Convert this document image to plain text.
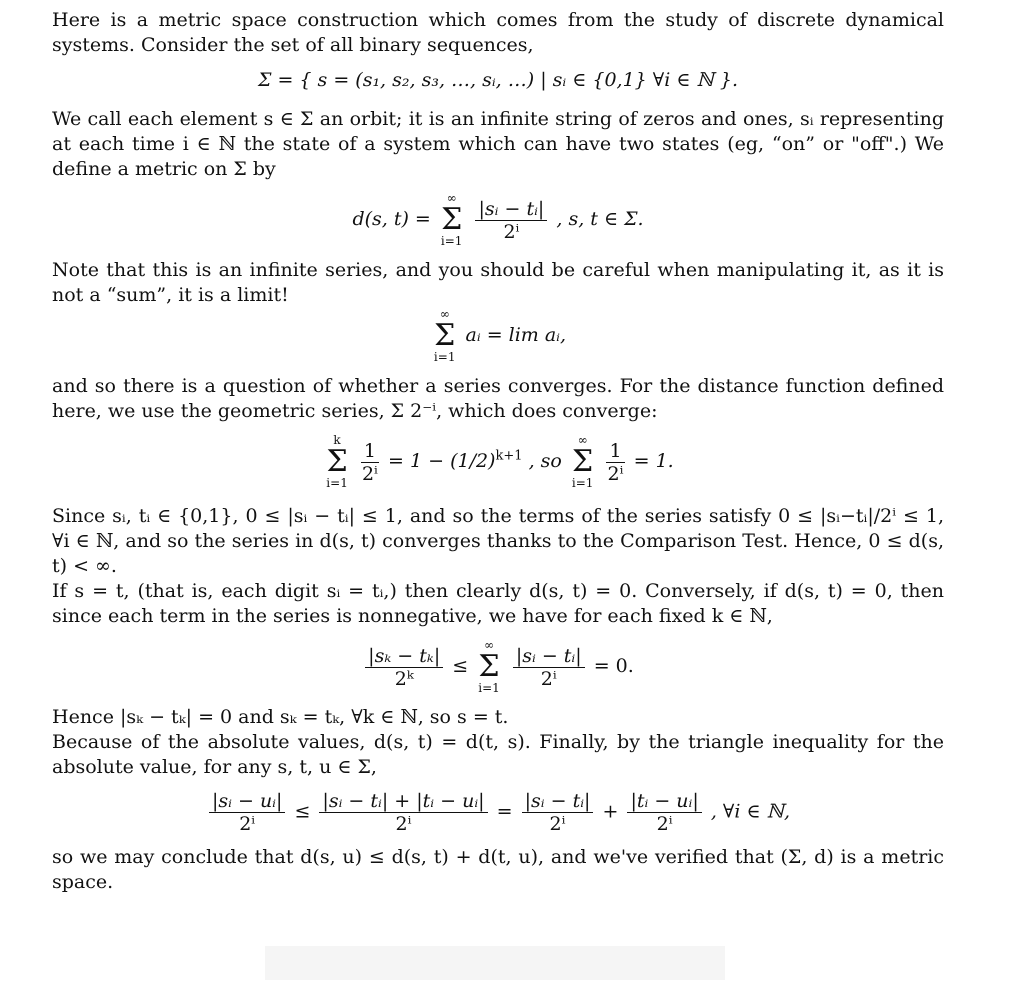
Here is a metric space construction which comes from the study of discrete dynamical systems. Consider the set of all binary sequences,

Σ = { s = (s₁, s₂, s₃, …, sᵢ, …) | sᵢ ∈ {0,1} ∀i ∈ ℕ }.

We call each element s ∈ Σ an orbit; it is an infinite string of zeros and ones, sᵢ representing at each time i ∈ ℕ the state of a system which can have two states (eg, “on” or "off".) We define a metric on Σ by

d(s, t) =
∞
Σ
i=1
$\frac{\text{|sᵢ − tᵢ|}}{\text{2ⁱ}}$ , s, t ∈ Σ.

Note that this is an infinite series, and you should be careful when manipulating it, as it is not a “sum”, it is a limit!

∞
Σ
i=1
aᵢ = lim aᵢ,

and so there is a question of whether a series converges. For the distance function defined here, we use the geometric series, Σ 2⁻ⁱ, which does converge:

k
Σ
i=1
$\frac{1}{\text{2ⁱ}} = 1 - (1/2)^{k+1}$ , so
∞
Σ
i=1
$\frac{1}{\text{2ⁱ}} = 1$.

Since sᵢ, tᵢ ∈ {0,1}, 0 ≤ |sᵢ − tᵢ| ≤ 1, and so the terms of the series satisfy 0 ≤ |sᵢ−tᵢ|/2ⁱ ≤ 1, ∀i ∈ ℕ, and so the series in d(s, t) converges thanks to the Comparison Test. Hence, 0 ≤ d(s, t) < ∞.

If s = t, (that is, each digit sᵢ = tᵢ,) then clearly d(s, t) = 0. Conversely, if d(s, t) = 0, then since each term in the series is nonnegative, we have for each fixed k ∈ ℕ,

$\frac{\text{|sₖ − tₖ|}}{\text{2ᵏ}}$ ≤
∞
Σ
i=1
$\frac{\text{|sᵢ − tᵢ|}}{\text{2ⁱ}} = 0$.

Hence |sₖ − tₖ| = 0 and sₖ = tₖ, ∀k ∈ ℕ, so s = t.

Because of the absolute values, d(s, t) = d(t, s). Finally, by the triangle inequality for the absolute value, for any s, t, u ∈ Σ,

$\frac{\text{|sᵢ − uᵢ|}}{\text{2ⁱ}} \le \frac{\text{|sᵢ − tᵢ| + |tᵢ − uᵢ|}}{\text{2ⁱ}} = \frac{\text{|sᵢ − tᵢ|}}{\text{2ⁱ}} + \frac{\text{|tᵢ − uᵢ|}}{\text{2ⁱ}}$ , ∀i ∈ ℕ,

so we may conclude that d(s, u) ≤ d(s, t) + d(t, u), and we've verified that (Σ, d) is a metric space.
